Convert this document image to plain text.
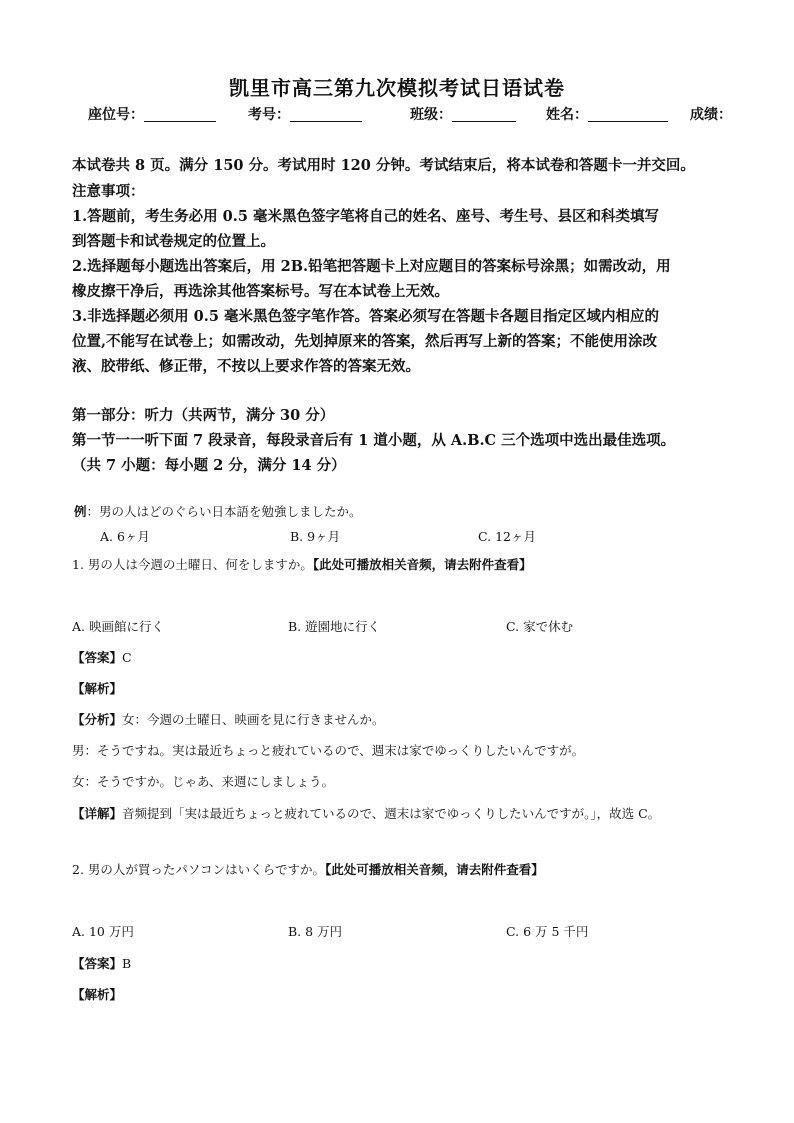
凯里市高三第九次模拟考试日语试卷
座位号：	考号：	班级：	姓名：	成绩：
本试卷共 8 页。满分 150 分。考试用时 120 分钟。考试结束后，将本试卷和答题卡一并交回。
注意事项：
1.答题前，考生务必用 0.5 毫米黑色签字笔将自己的姓名、座号、考生号、县区和科类填写
到答题卡和试卷规定的位置上。
2.选择题每小题选出答案后，用 2B.铅笔把答题卡上对应题目的答案标号涂黑；如需改动，用
橡皮擦干净后，再选涂其他答案标号。写在本试卷上无效。
3.非选择题必须用 0.5 毫米黑色签字笔作答。答案必须写在答题卡各题目指定区域内相应的
位置,不能写在试卷上；如需改动，先划掉原来的答案，然后再写上新的答案；不能使用涂改
液、胶带纸、修正带，不按以上要求作答的答案无效。
第一部分：听力（共两节，满分 30 分）
第一节一一听下面 7 段录音，每段录音后有 1 道小题，从 A.B.C 三个选项中选出最佳选项。
（共 7 小题：每小题 2 分，满分 14 分）
例：男の人はどのぐらい日本語を勉強しましたか。
A. 6ヶ月	B. 9ヶ月	C. 12ヶ月
1. 男の人は今週の土曜日、何をしますか。【此处可播放相关音频，请去附件查看】
A. 映画館に行く	B. 遊園地に行く	C. 家で休む
【答案】C
【解析】
【分析】女：今週の土曜日、映画を見に行きませんか。
男：そうですね。実は最近ちょっと疲れているので、週末は家でゆっくりしたいんですが。
女：そうですか。じゃあ、来週にしましょう。
【详解】音频提到「実は最近ちょっと疲れているので、週末は家でゆっくりしたいんですが。」，故选 C。
2. 男の人が買ったパソコンはいくらですか。【此处可播放相关音频，请去附件查看】
A. 10 万円	B. 8 万円	C. 6 万 5 千円
【答案】B
【解析】
